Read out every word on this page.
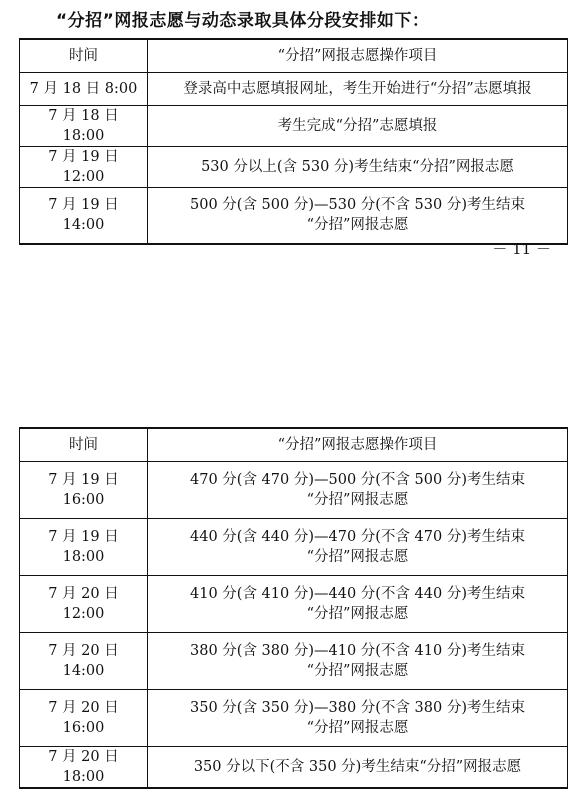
“分招”网报志愿与动态录取具体分段安排如下：
时间	“分招”网报志愿操作项目
7 月 18 日 8:00	登录高中志愿填报网址，考生开始进行“分招”志愿填报

7 月 18 日 18:00	考生完成“分招”志愿填报

7 月 19 日 12:00	530 分以上(含 530 分)考生结束“分招”网报志愿

7 月 19 日 14:00	500 分(含 500 分)—530 分(不含 530 分)考生结束
“分招”网报志愿
－ 11 －
时间	“分招”网报志愿操作项目
7 月 19 日 16:00	470 分(含 470 分)—500 分(不含 500 分)考生结束
“分招”网报志愿

7 月 19 日 18:00	440 分(含 440 分)—470 分(不含 470 分)考生结束
“分招”网报志愿

7 月 20 日 12:00	410 分(含 410 分)—440 分(不含 440 分)考生结束
“分招”网报志愿

7 月 20 日 14:00	380 分(含 380 分)—410 分(不含 410 分)考生结束
“分招”网报志愿

7 月 20 日 16:00	350 分(含 350 分)—380 分(不含 380 分)考生结束
“分招”网报志愿

7 月 20 日 18:00	350 分以下(不含 350 分)考生结束“分招”网报志愿
